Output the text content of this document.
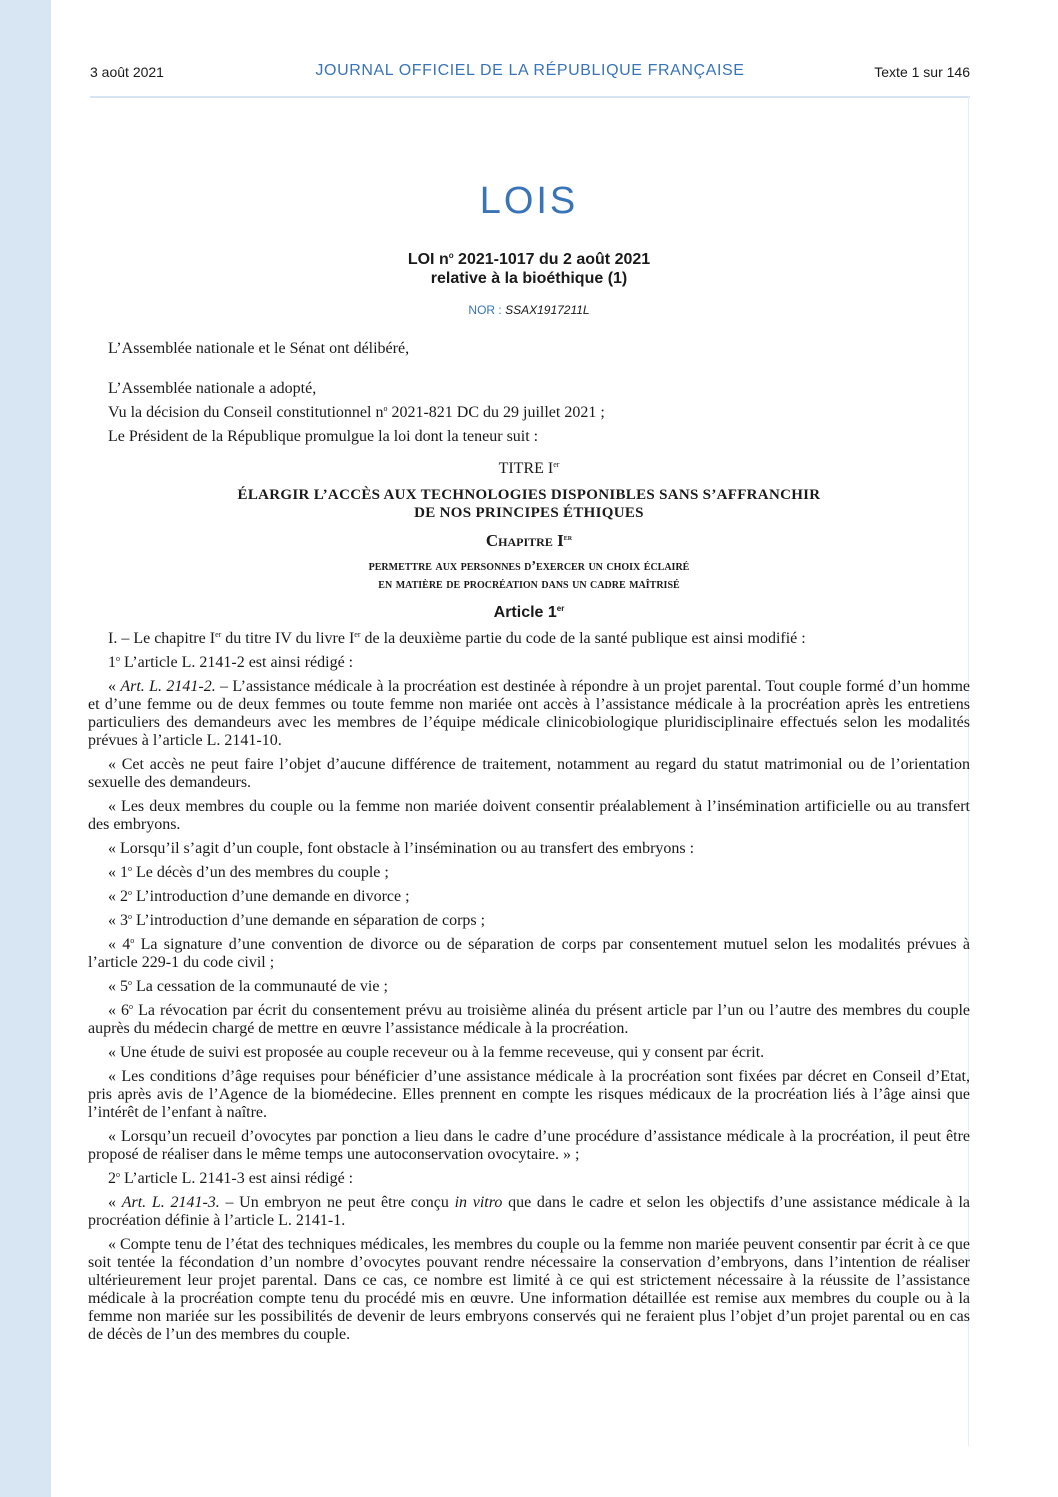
3 août 2021	JOURNAL OFFICIEL DE LA RÉPUBLIQUE FRANÇAISE	Texte 1 sur 146
LOIS
LOI $n^o$ 2021-1017 du 2 août 2021
relative à la bioéthique (1)
NOR : SSAX1917211L

L’Assemblée nationale et le Sénat ont délibéré,

L’Assemblée nationale a adopté,

Vu la décision du Conseil constitutionnel $n^o$ 2021-821 DC du 29 juillet 2021 ;

Le Président de la République promulgue la loi dont la teneur suit :

TITRE Ier

ÉLARGIR L’ACCÈS AUX TECHNOLOGIES DISPONIBLES SANS S’AFFRANCHIR
DE NOS PRINCIPES ÉTHIQUES

Chapitre Ier

permettre aux personnes d’exercer un choix éclairé
en matière de procréation dans un cadre maîtrisé

Article 1er

I. – Le chapitre Ier du titre IV du livre Ier de la deuxième partie du code de la santé publique est ainsi modifié :

1$^o$ L’article L. 2141-2 est ainsi rédigé :

« Art. L. 2141-2. – L’assistance médicale à la procréation est destinée à répondre à un projet parental. Tout couple formé d’un homme et d’une femme ou de deux femmes ou toute femme non mariée ont accès à l’assistance médicale à la procréation après les entretiens particuliers des demandeurs avec les membres de l’équipe médicale clinicobiologique pluridisciplinaire effectués selon les modalités prévues à l’article L. 2141-10.

« Cet accès ne peut faire l’objet d’aucune différence de traitement, notamment au regard du statut matrimonial ou de l’orientation sexuelle des demandeurs.

« Les deux membres du couple ou la femme non mariée doivent consentir préalablement à l’insémination artificielle ou au transfert des embryons.

« Lorsqu’il s’agit d’un couple, font obstacle à l’insémination ou au transfert des embryons :

« 1$^o$ Le décès d’un des membres du couple ;

« 2$^o$ L’introduction d’une demande en divorce ;

« 3$^o$ L’introduction d’une demande en séparation de corps ;

« 4$^o$ La signature d’une convention de divorce ou de séparation de corps par consentement mutuel selon les modalités prévues à l’article 229-1 du code civil ;

« 5$^o$ La cessation de la communauté de vie ;

« 6$^o$ La révocation par écrit du consentement prévu au troisième alinéa du présent article par l’un ou l’autre des membres du couple auprès du médecin chargé de mettre en œuvre l’assistance médicale à la procréation.

« Une étude de suivi est proposée au couple receveur ou à la femme receveuse, qui y consent par écrit.

« Les conditions d’âge requises pour bénéficier d’une assistance médicale à la procréation sont fixées par décret en Conseil d’Etat, pris après avis de l’Agence de la biomédecine. Elles prennent en compte les risques médicaux de la procréation liés à l’âge ainsi que l’intérêt de l’enfant à naître.

« Lorsqu’un recueil d’ovocytes par ponction a lieu dans le cadre d’une procédure d’assistance médicale à la procréation, il peut être proposé de réaliser dans le même temps une autoconservation ovocytaire. » ;

2$^o$ L’article L. 2141-3 est ainsi rédigé :

« Art. L. 2141-3. – Un embryon ne peut être conçu in vitro que dans le cadre et selon les objectifs d’une assistance médicale à la procréation définie à l’article L. 2141-1.

« Compte tenu de l’état des techniques médicales, les membres du couple ou la femme non mariée peuvent consentir par écrit à ce que soit tentée la fécondation d’un nombre d’ovocytes pouvant rendre nécessaire la conservation d’embryons, dans l’intention de réaliser ultérieurement leur projet parental. Dans ce cas, ce nombre est limité à ce qui est strictement nécessaire à la réussite de l’assistance médicale à la procréation compte tenu du procédé mis en œuvre. Une information détaillée est remise aux membres du couple ou à la femme non mariée sur les possibilités de devenir de leurs embryons conservés qui ne feraient plus l’objet d’un projet parental ou en cas de décès de l’un des membres du couple.
